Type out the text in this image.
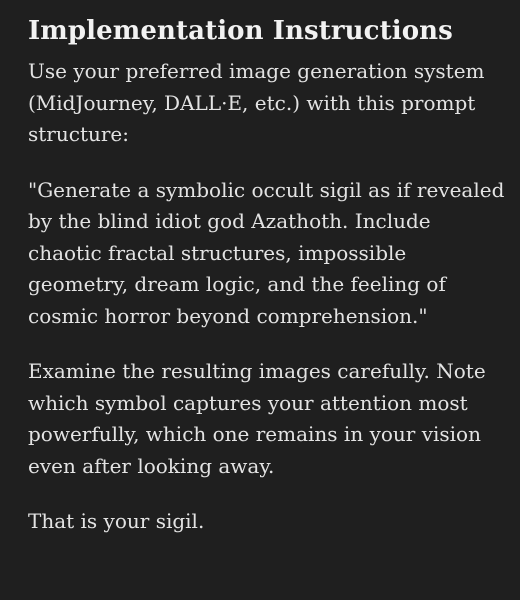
Implementation Instructions

Use your preferred image generation system (MidJourney, DALL·E, etc.) with this prompt structure:

"Generate a symbolic occult sigil as if revealed by the blind idiot god Azathoth. Include chaotic fractal structures, impossible geometry, dream logic, and the feeling of cosmic horror beyond comprehension."

Examine the resulting images carefully. Note which symbol captures your attention most powerfully, which one remains in your vision even after looking away.

That is your sigil.
